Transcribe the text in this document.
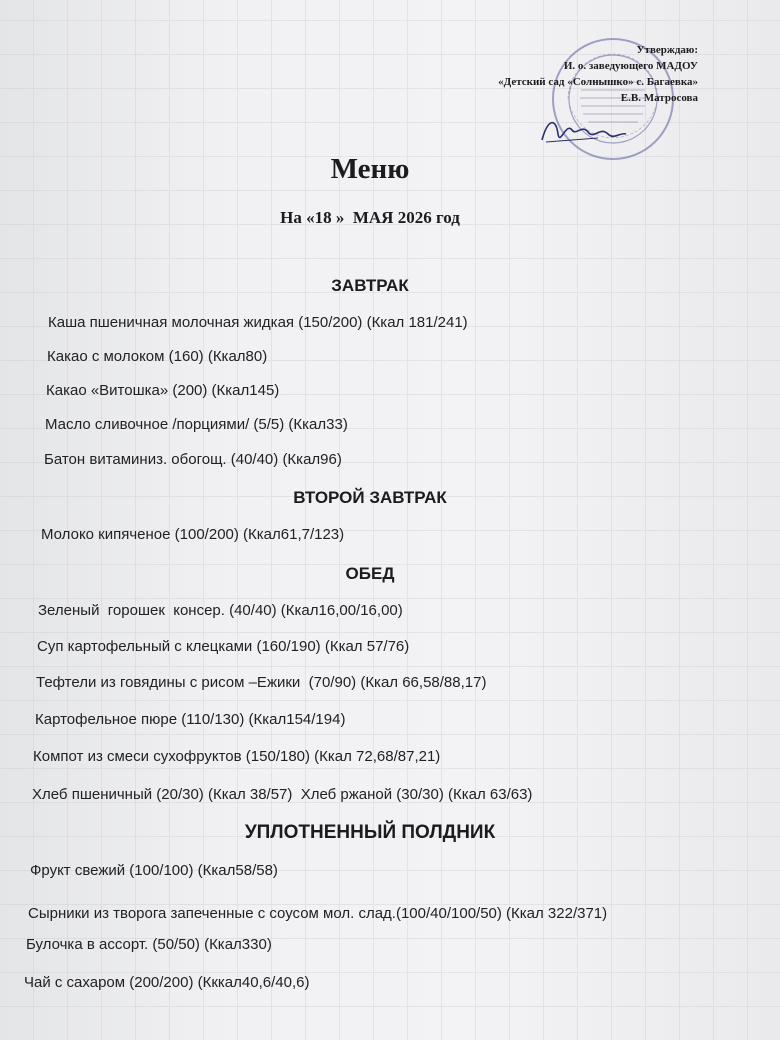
Утверждаю:
И. о. заведующего МАДОУ
«Детский сад «Солнышко» с. Багаевка»
Е.В. Матросова
Меню
На «18 »  МАЯ 2026 год
ЗАВТРАК
Каша пшеничная молочная жидкая (150/200) (Ккал 181/241)
Какао с молоком (160) (Ккал80)
Какао «Витошка» (200) (Ккал145)
Масло сливочное /порциями/ (5/5) (Ккал33)
Батон витаминиз. обогощ. (40/40) (Ккал96)
ВТОРОЙ ЗАВТРАК
Молоко кипяченое (100/200) (Ккал61,7/123)
ОБЕД
Зеленый  горошек  консер. (40/40) (Ккал16,00/16,00)
Суп картофельный с клецками (160/190) (Ккал 57/76)
Тефтели из говядины с рисом –Ежики  (70/90) (Ккал 66,58/88,17)
Картофельное пюре (110/130) (Ккал154/194)
Компот из смеси сухофруктов (150/180) (Ккал 72,68/87,21)
Хлеб пшеничный (20/30) (Ккал 38/57)  Хлеб ржаной (30/30) (Ккал 63/63)
УПЛОТНЕННЫЙ ПОЛДНИК
Фрукт свежий (100/100) (Ккал58/58)
Сырники из творога запеченные с соусом мол. слад.(100/40/100/50) (Ккал 322/371)
Булочка в ассорт. (50/50) (Ккал330)
Чай с сахаром (200/200) (Кккал40,6/40,6)
